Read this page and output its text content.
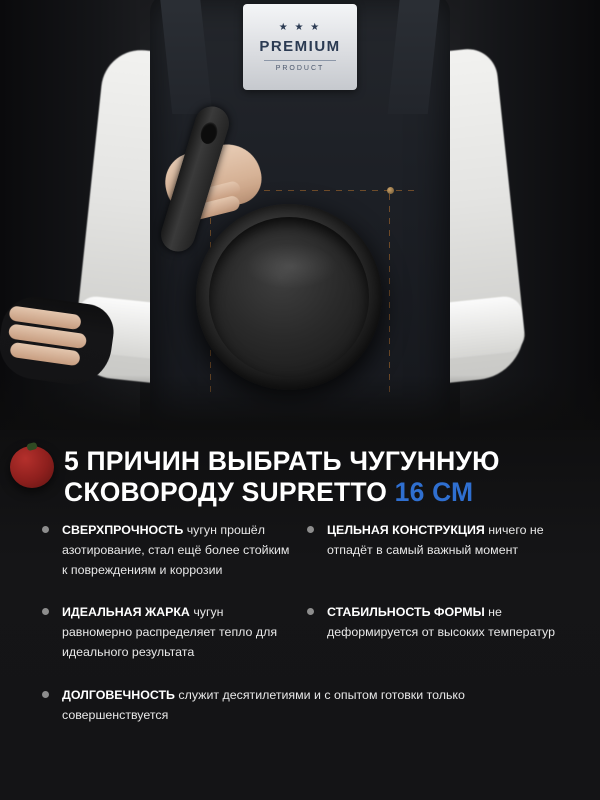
★ ★ ★
PREMIUM
PRODUCT
5 ПРИЧИН ВЫБРАТЬ ЧУГУННУЮ
СКОВОРОДУ SUPRETTO 16 СМ
СВЕРХПРОЧНОСТЬ чугун прошёл азотирование, стал ещё более стойким к повреждениям и коррозии
ЦЕЛЬНАЯ КОНСТРУКЦИЯ ничего не отпадёт в самый важный момент
ИДЕАЛЬНАЯ ЖАРКА чугун равномерно распределяет тепло для идеального результата
СТАБИЛЬНОСТЬ ФОРМЫ не деформируется от высоких температур
ДОЛГОВЕЧНОСТЬ служит десятилетиями и с опытом готовки только совершенствуется
